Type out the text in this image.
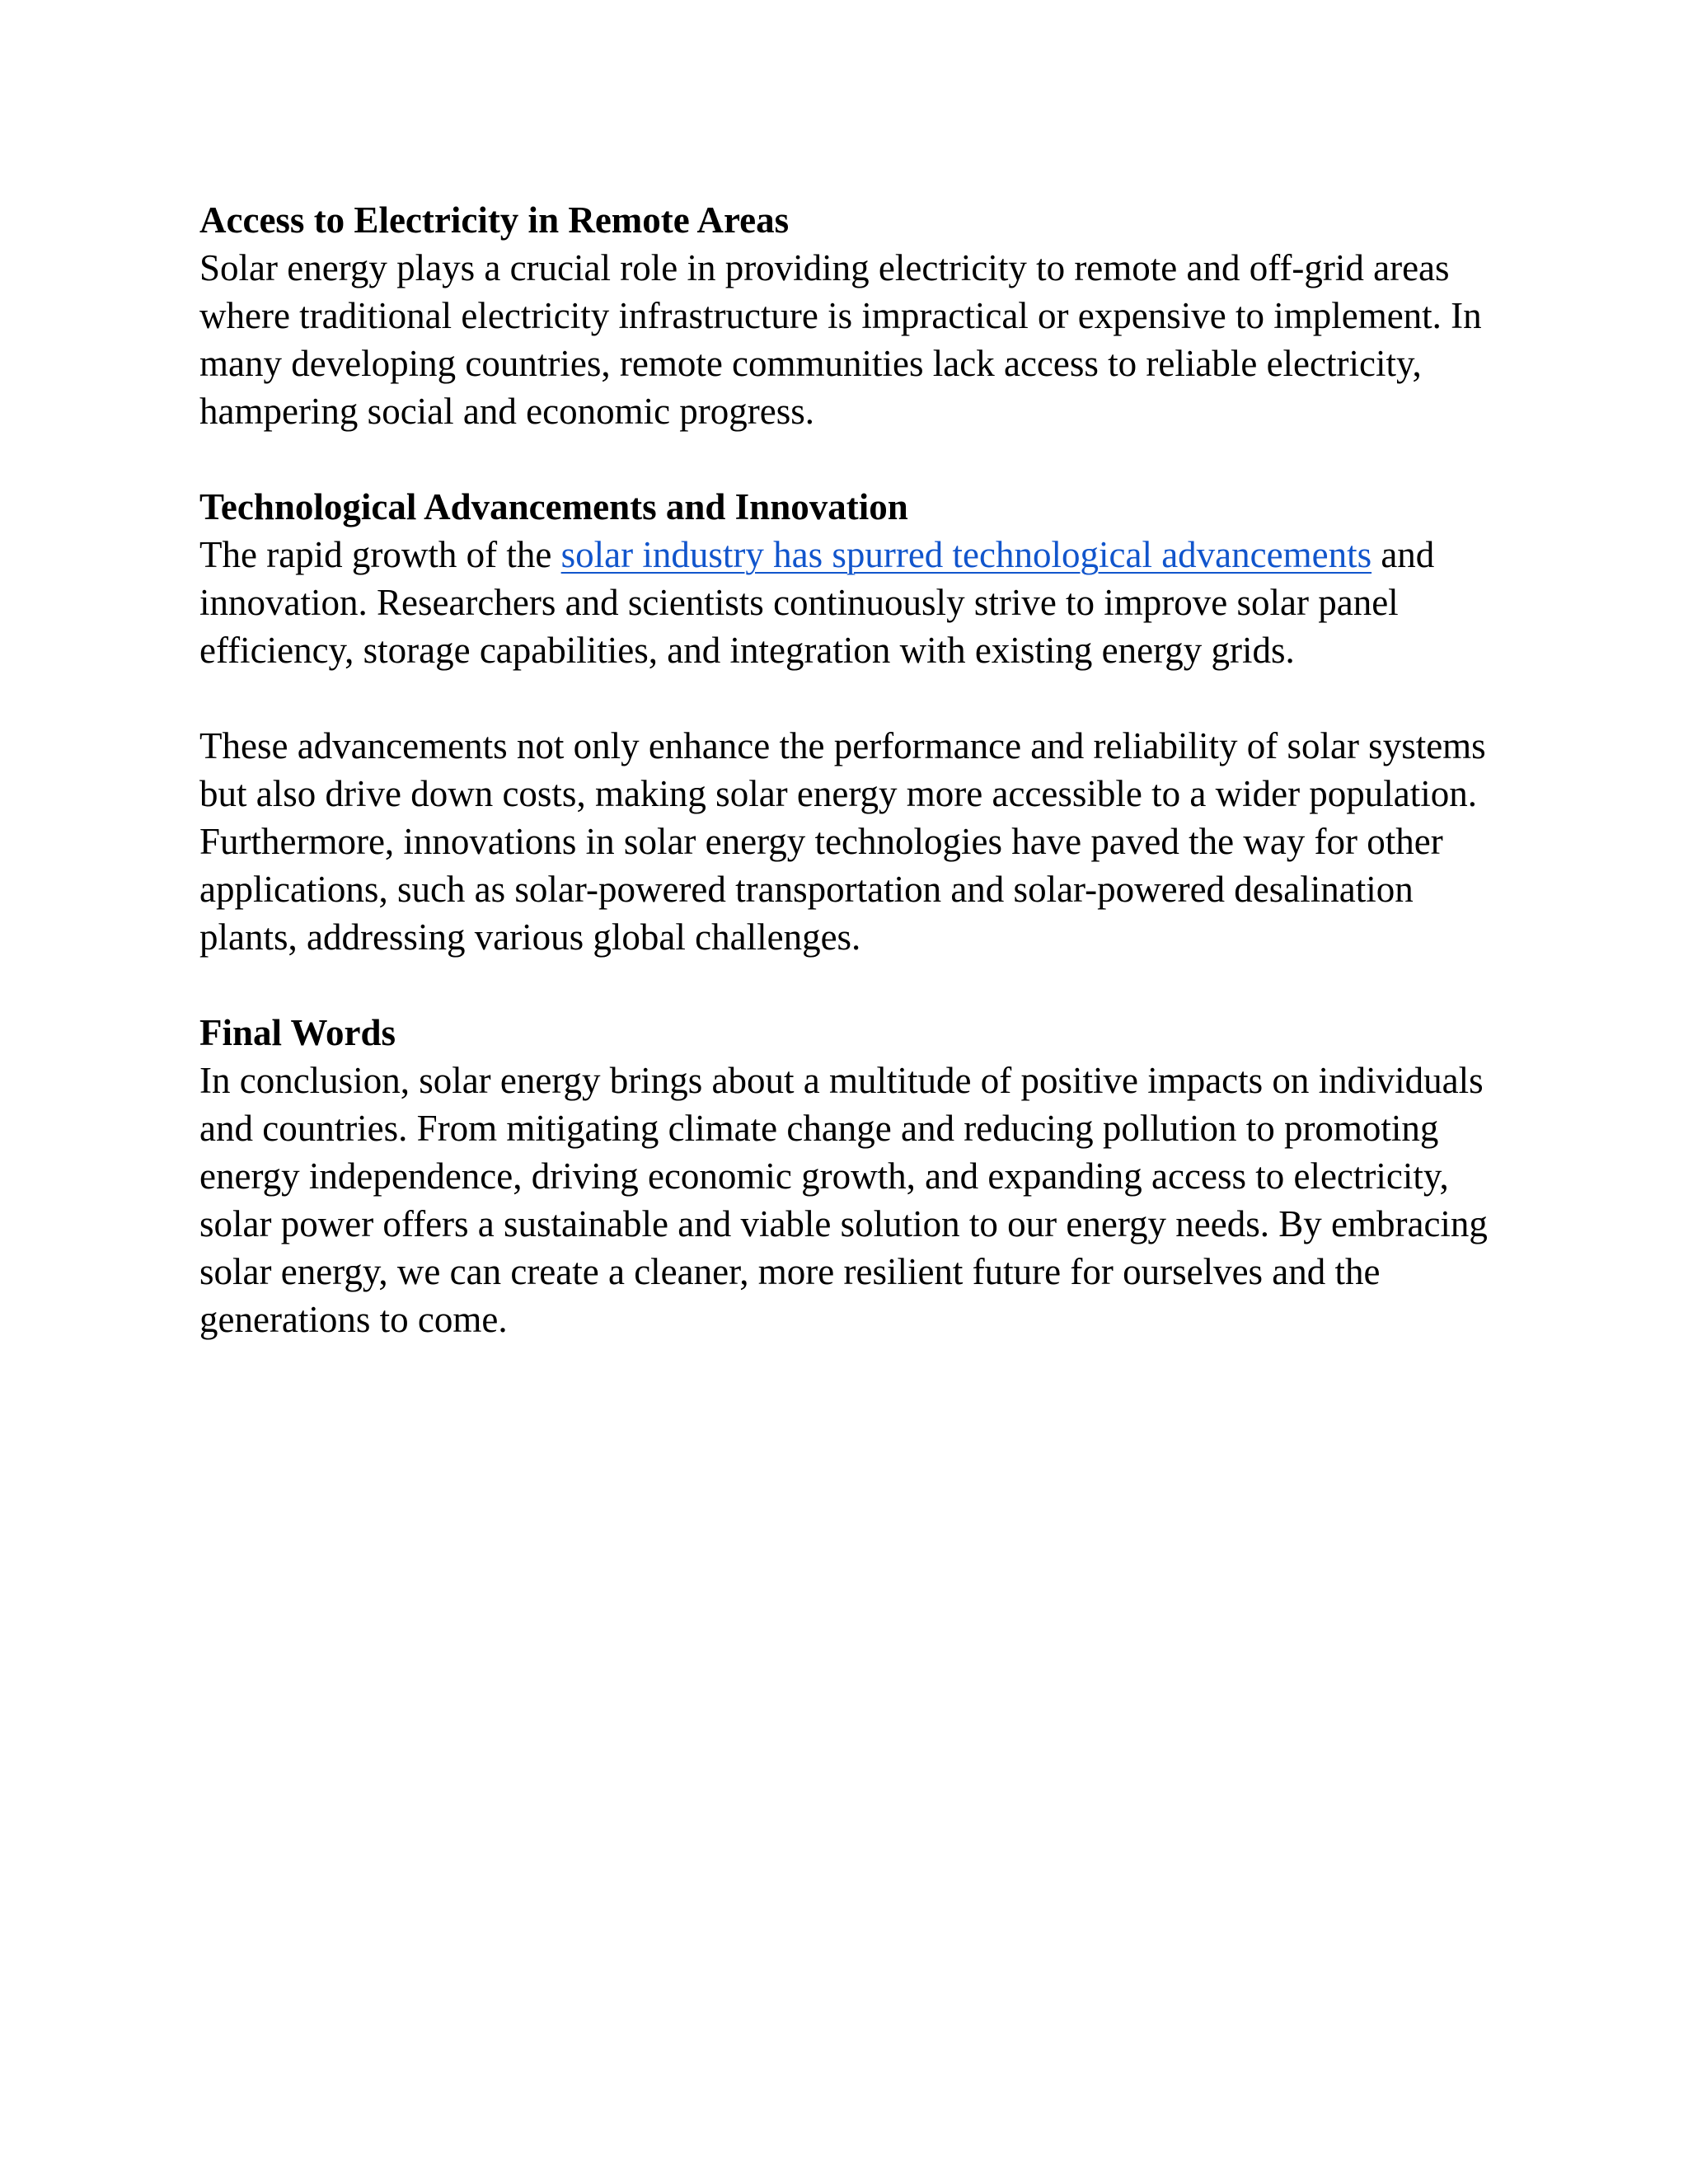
Access to Electricity in Remote Areas

Solar energy plays a crucial role in providing electricity to remote and off-grid areas where traditional electricity infrastructure is impractical or expensive to implement. In many developing countries, remote communities lack access to reliable electricity, hampering social and economic progress.

Technological Advancements and Innovation

The rapid growth of the solar industry has spurred technological advancements and innovation. Researchers and scientists continuously strive to improve solar panel efficiency, storage capabilities, and integration with existing energy grids.

These advancements not only enhance the performance and reliability of solar systems but also drive down costs, making solar energy more accessible to a wider population. Furthermore, innovations in solar energy technologies have paved the way for other applications, such as solar-powered transportation and solar-powered desalination plants, addressing various global challenges.

Final Words

In conclusion, solar energy brings about a multitude of positive impacts on individuals and countries. From mitigating climate change and reducing pollution to promoting energy independence, driving economic growth, and expanding access to electricity, solar power offers a sustainable and viable solution to our energy needs. By embracing solar energy, we can create a cleaner, more resilient future for ourselves and the generations to come.
